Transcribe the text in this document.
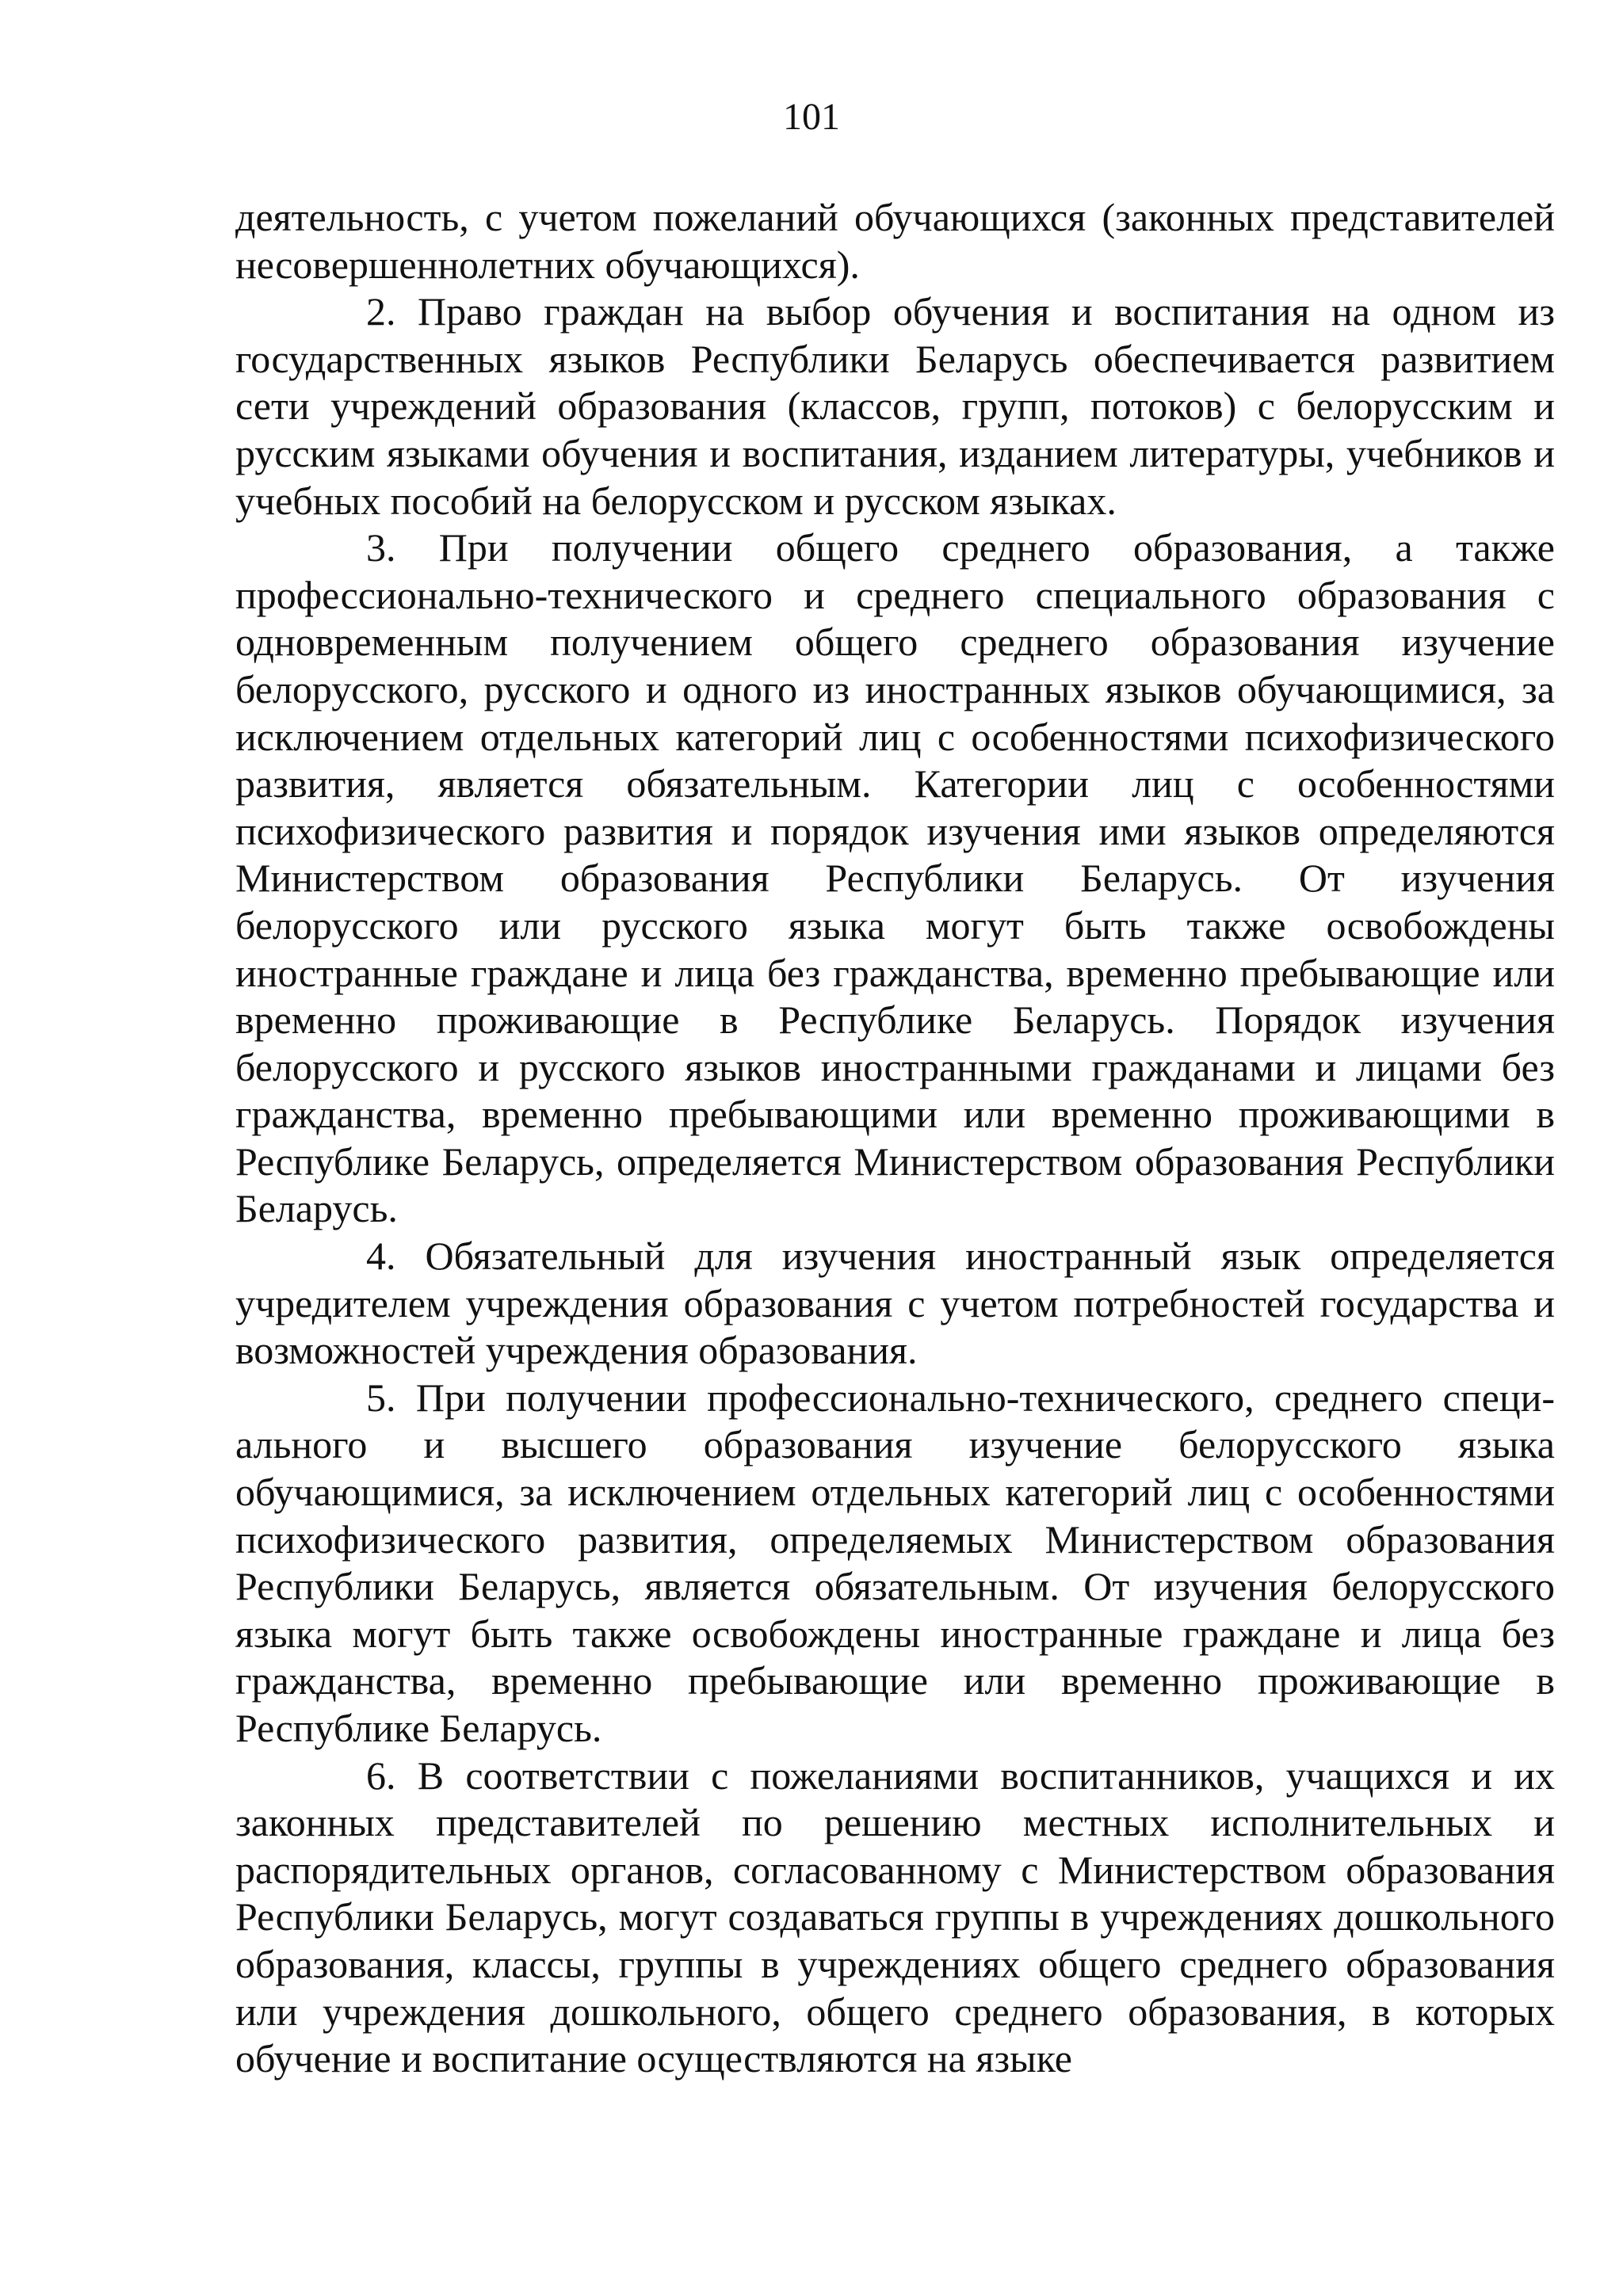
101

деятельность, с учетом пожеланий обучающихся (законных представителей несовершеннолетних обучающихся).

2. Право граждан на выбор обучения и воспитания на одном из государственных языков Республики Беларусь обеспечивается развитием сети учреждений образования (классов, групп, потоков) с белорусским и русским языками обучения и воспитания, изданием литературы, учебников и учебных пособий на белорусском и русском языках.

3. При получении общего среднего образования, а также профессионально-технического и среднего специального образования с одновременным получением общего среднего образования изучение белорусского, русского и одного из иностранных языков обучающимися, за исключением отдельных категорий лиц с особенностями психофизического развития, является обязательным. Категории лиц с особенностями психофизического развития и порядок изучения ими языков определяются Министерством образования Республики Беларусь. От изучения белорусского или русского языка могут быть также освобождены иностранные граждане и лица без гражданства, временно пребывающие или временно проживающие в Республике Беларусь. Порядок изучения белорусского и русского языков иностранными гражданами и лицами без гражданства, временно пребывающими или временно проживающими в Республике Беларусь, определяется Министерством образования Республики Беларусь.

4. Обязательный для изучения иностранный язык определяется учредителем учреждения образования с учетом потребностей государства и возможностей учреждения образования.

5. При получении профессионально-технического, среднего специального и высшего образования изучение белорусского языка обучающимися, за исключением отдельных категорий лиц с особенностями психофизического развития, определяемых Министерством образования Республики Беларусь, является обязательным. От изучения белорусского языка могут быть также освобождены иностранные граждане и лица без гражданства, временно пребывающие или временно проживающие в Республике Беларусь.

6. В соответствии с пожеланиями воспитанников, учащихся и их законных представителей по решению местных исполнительных и распорядительных органов, согласованному с Министерством образования Республики Беларусь, могут создаваться группы в учреждениях дошкольного образования, классы, группы в учреждениях общего среднего образования или учреждения дошкольного, общего среднего образования, в которых обучение и воспитание осуществляются на языке
